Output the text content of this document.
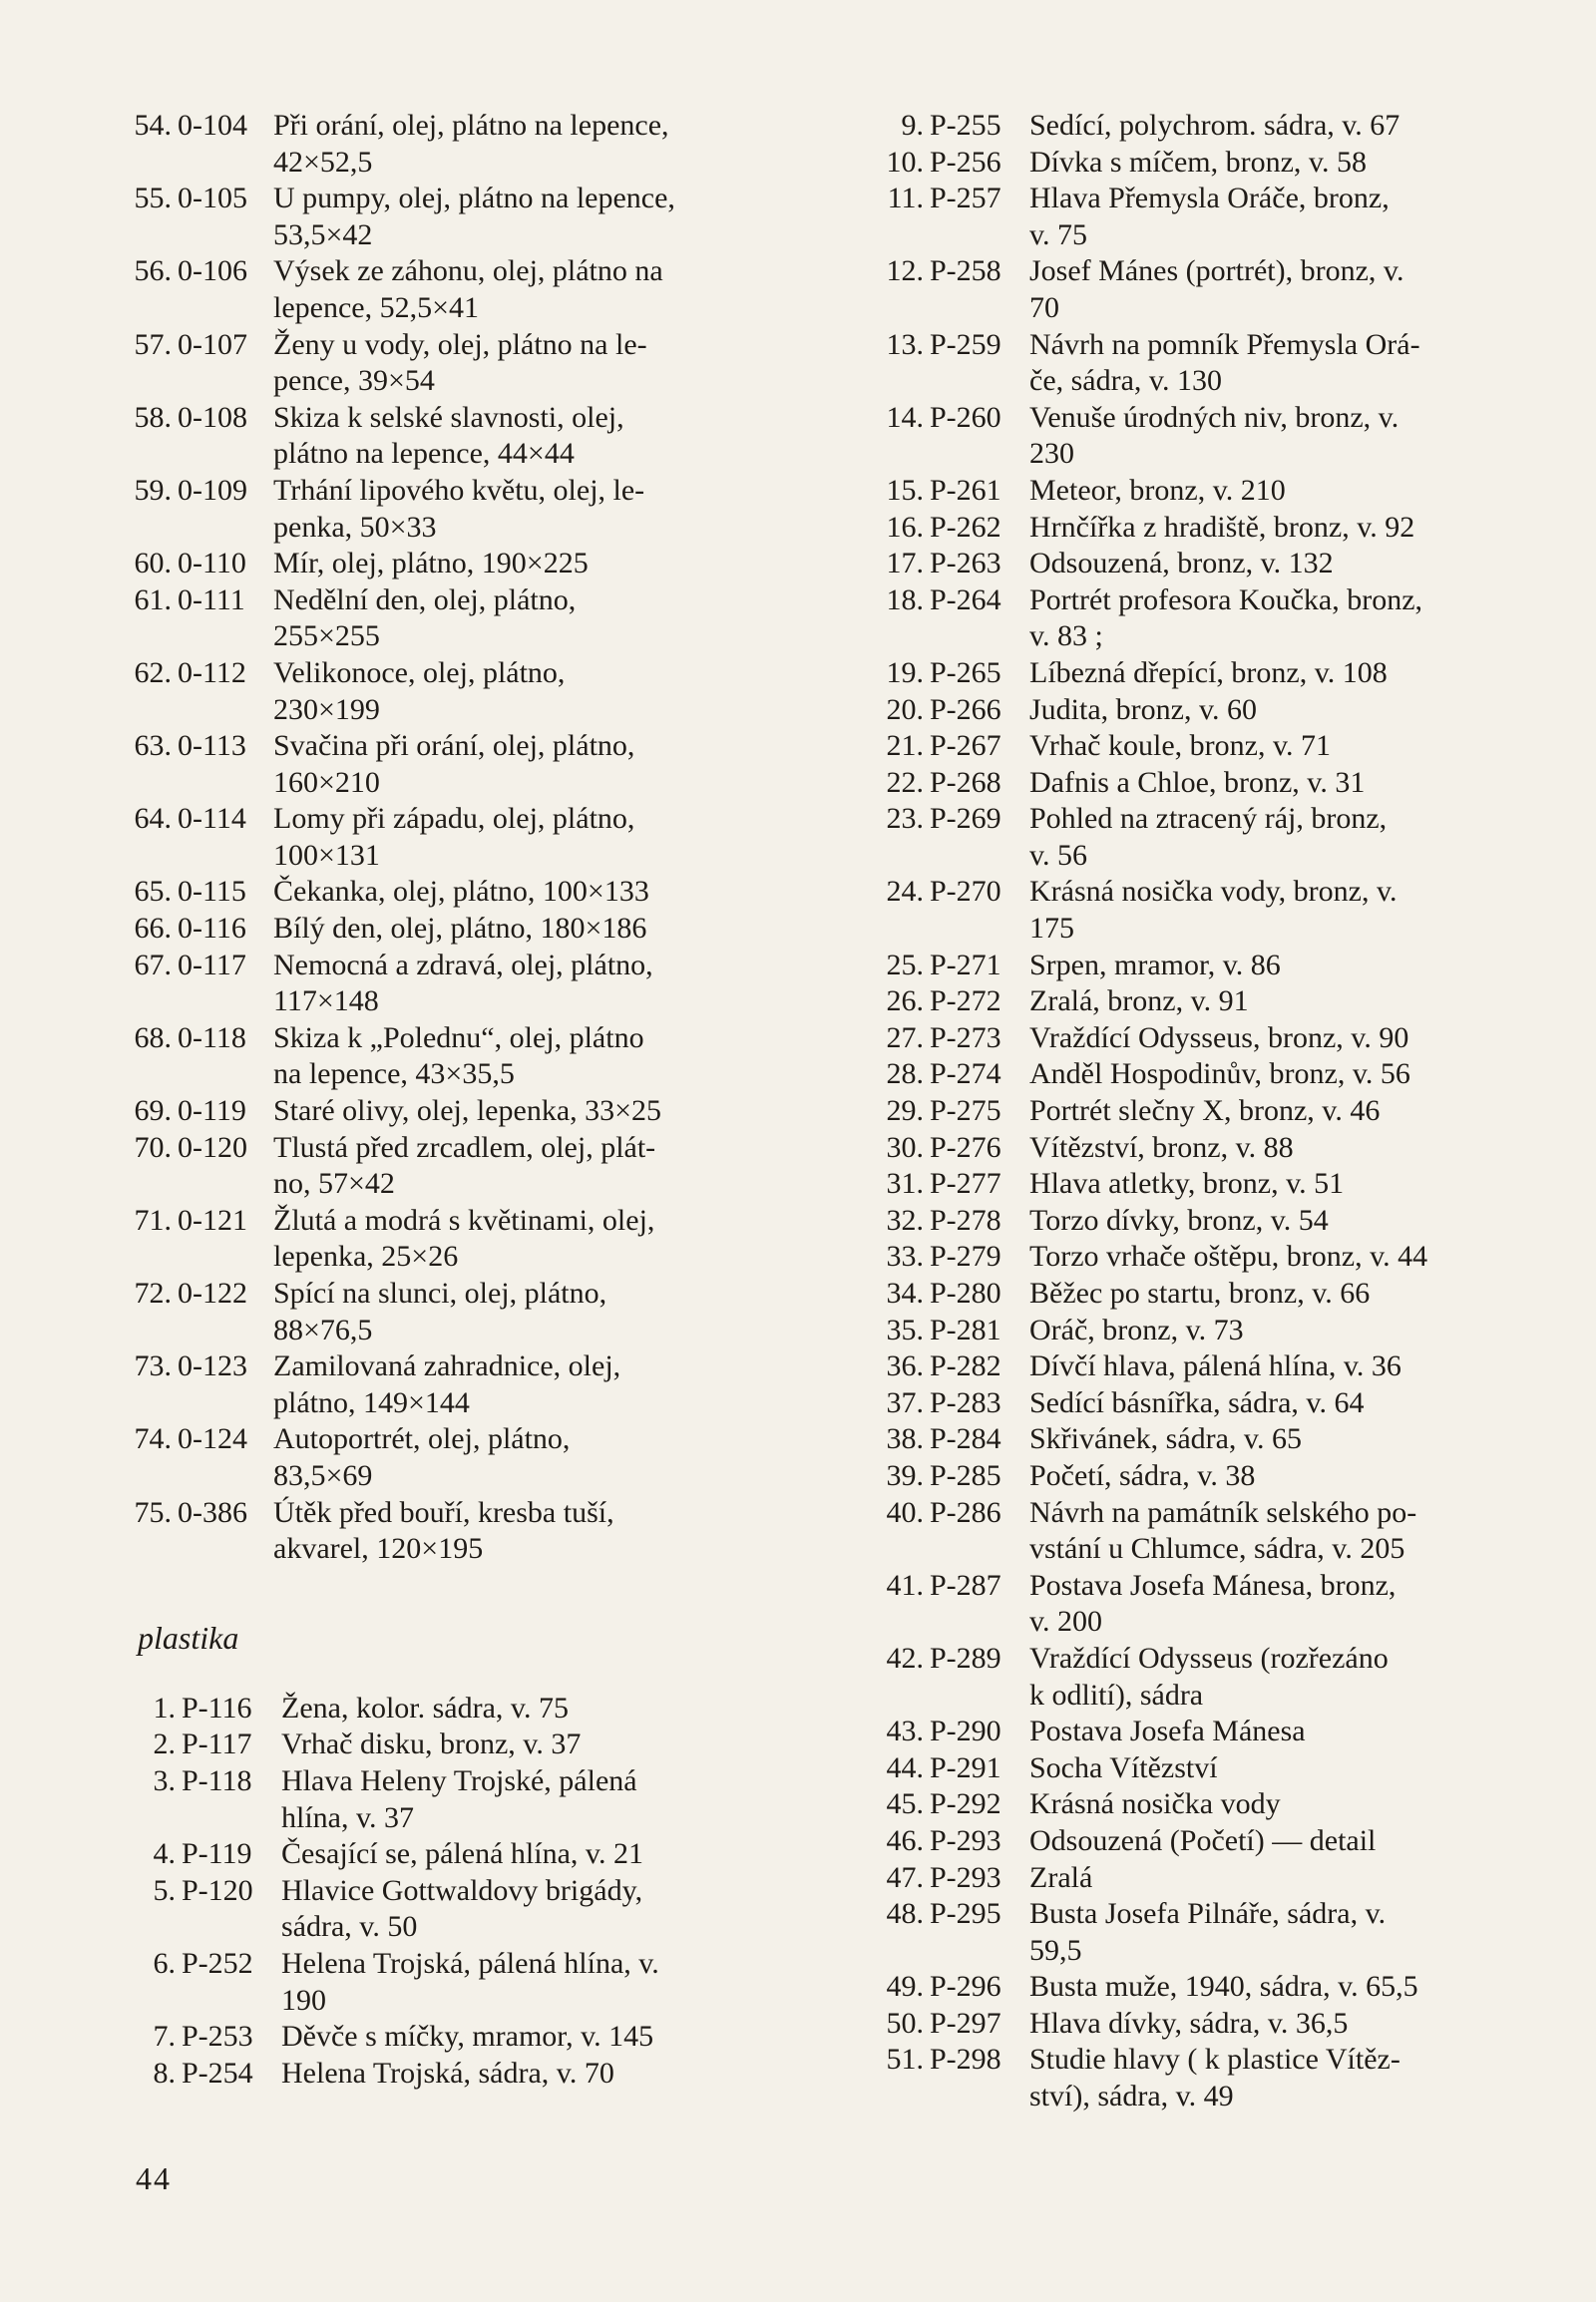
54. 0-104 Při orání, olej, plátno na lepence,
42×52,5
55. 0-105 U pumpy, olej, plátno na lepence,
53,5×42
56. 0-106 Výsek ze záhonu, olej, plátno na
lepence, 52,5×41
57. 0-107 Ženy u vody, olej, plátno na le-
pence, 39×54
58. 0-108 Skiza k selské slavnosti, olej,
plátno na lepence, 44×44
59. 0-109 Trhání lipového květu, olej, le-
penka, 50×33
60. 0-110 Mír, olej, plátno, 190×225
61. 0-111 Nedělní den, olej, plátno,
255×255
62. 0-112 Velikonoce, olej, plátno,
230×199
63. 0-113 Svačina při orání, olej, plátno,
160×210
64. 0-114 Lomy při západu, olej, plátno,
100×131
65. 0-115 Čekanka, olej, plátno, 100×133
66. 0-116 Bílý den, olej, plátno, 180×186
67. 0-117 Nemocná a zdravá, olej, plátno,
117×148
68. 0-118 Skiza k „Polednu“, olej, plátno
na lepence, 43×35,5
69. 0-119 Staré olivy, olej, lepenka, 33×25
70. 0-120 Tlustá před zrcadlem, olej, plát-
no, 57×42
71. 0-121 Žlutá a modrá s květinami, olej,
lepenka, 25×26
72. 0-122 Spící na slunci, olej, plátno,
88×76,5
73. 0-123 Zamilovaná zahradnice, olej,
plátno, 149×144
74. 0-124 Autoportrét, olej, plátno,
83,5×69
75. 0-386 Útěk před bouří, kresba tuší,
akvarel, 120×195
plastika
1. P-116 Žena, kolor. sádra, v. 75
2. P-117 Vrhač disku, bronz, v. 37
3. P-118 Hlava Heleny Trojské, pálená
hlína, v. 37
4. P-119 Česající se, pálená hlína, v. 21
5. P-120 Hlavice Gottwaldovy brigády,
sádra, v. 50
6. P-252 Helena Trojská, pálená hlína, v.
190
7. P-253 Děvče s míčky, mramor, v. 145
8. P-254 Helena Trojská, sádra, v. 70
9. P-255 Sedící, polychrom. sádra, v. 67
10. P-256 Dívka s míčem, bronz, v. 58
11. P-257 Hlava Přemysla Oráče, bronz,
v. 75
12. P-258 Josef Mánes (portrét), bronz, v.
70
13. P-259 Návrh na pomník Přemysla Orá-
če, sádra, v. 130
14. P-260 Venuše úrodných niv, bronz, v.
230
15. P-261 Meteor, bronz, v. 210
16. P-262 Hrnčířka z hradiště, bronz, v. 92
17. P-263 Odsouzená, bronz, v. 132
18. P-264 Portrét profesora Koučka, bronz,
v. 83 ;
19. P-265 Líbezná dřepící, bronz, v. 108
20. P-266 Judita, bronz, v. 60
21. P-267 Vrhač koule, bronz, v. 71
22. P-268 Dafnis a Chloe, bronz, v. 31
23. P-269 Pohled na ztracený ráj, bronz,
v. 56
24. P-270 Krásná nosička vody, bronz, v.
175
25. P-271 Srpen, mramor, v. 86
26. P-272 Zralá, bronz, v. 91
27. P-273 Vraždící Odysseus, bronz, v. 90
28. P-274 Anděl Hospodinův, bronz, v. 56
29. P-275 Portrét slečny X, bronz, v. 46
30. P-276 Vítězství, bronz, v. 88
31. P-277 Hlava atletky, bronz, v. 51
32. P-278 Torzo dívky, bronz, v. 54
33. P-279 Torzo vrhače oštěpu, bronz, v. 44
34. P-280 Běžec po startu, bronz, v. 66
35. P-281 Oráč, bronz, v. 73
36. P-282 Dívčí hlava, pálená hlína, v. 36
37. P-283 Sedící básnířka, sádra, v. 64
38. P-284 Skřivánek, sádra, v. 65
39. P-285 Početí, sádra, v. 38
40. P-286 Návrh na památník selského po-
vstání u Chlumce, sádra, v. 205
41. P-287 Postava Josefa Mánesa, bronz,
v. 200
42. P-289 Vraždící Odysseus (rozřezáno
k odlití), sádra
43. P-290 Postava Josefa Mánesa
44. P-291 Socha Vítězství
45. P-292 Krásná nosička vody
46. P-293 Odsouzená (Početí) — detail
47. P-293 Zralá
48. P-295 Busta Josefa Pilnáře, sádra, v.
59,5
49. P-296 Busta muže, 1940, sádra, v. 65,5
50. P-297 Hlava dívky, sádra, v. 36,5
51. P-298 Studie hlavy ( k plastice Vítěz-
ství), sádra, v. 49
44
